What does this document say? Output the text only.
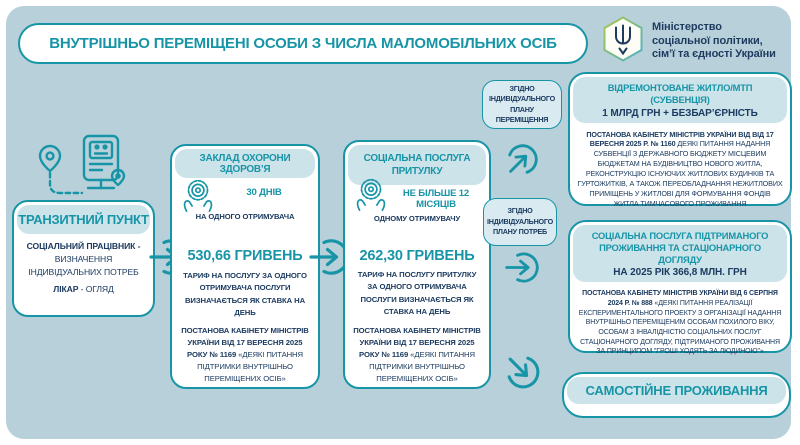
ВНУТРІШНЬО ПЕРЕМІЩЕНІ ОСОБИ З ЧИСЛА МАЛОМОБІЛЬНИХ ОСІБ
Міністерство
соціальної політики,
сім’ї та єдності України
ТРАНЗИТНИЙ ПУНКТ
СОЦІАЛЬНИЙ ПРАЦІВНИК - ВИЗНАЧЕННЯ ІНДИВІДУАЛЬНИХ ПОТРЕБ
ЛІКАР - ОГЛЯД
ЗАКЛАД ОХОРОНИ ЗДОРОВ’Я
30 ДНІВ
НА ОДНОГО ОТРИМУВАЧА
530,66 ГРИВЕНЬ
ТАРИФ НА ПОСЛУГУ ЗА ОДНОГО ОТРИМУВАЧА ПОСЛУГИ ВИЗНАЧАЄТЬСЯ ЯК СТАВКА НА ДЕНЬ
ПОСТАНОВА КАБІНЕТУ МІНІСТРІВ УКРАЇНИ ВІД 17 ВЕРЕСНЯ 2025 РОКУ № 1169 «ДЕЯКІ ПИТАННЯ ПІДТРИМКИ ВНУТРІШНЬО ПЕРЕМІЩЕНИХ ОСІБ»
СОЦІАЛЬНА ПОСЛУГА ПРИТУЛКУ
НЕ БІЛЬШЕ 12 МІСЯЦІВ
ОДНОМУ ОТРИМУВАЧУ
262,30 ГРИВЕНЬ
ТАРИФ НА ПОСЛУГУ ПРИТУЛКУ ЗА ОДНОГО ОТРИМУВАЧА ПОСЛУГИ ВИЗНАЧАЄТЬСЯ ЯК СТАВКА НА ДЕНЬ
ПОСТАНОВА КАБІНЕТУ МІНІСТРІВ УКРАЇНИ ВІД 17 ВЕРЕСНЯ 2025 РОКУ № 1169 «ДЕЯКІ ПИТАННЯ ПІДТРИМКИ ВНУТРІШНЬО ПЕРЕМІЩЕНИХ ОСІБ»
ЗГІДНО ІНДИВІДУАЛЬНОГО ПЛАНУ ПЕРЕМІЩЕННЯ
ЗГІДНО ІНДИВІДУАЛЬНОГО ПЛАНУ ПОТРЕБ
ВІДРЕМОНТОВАНЕ ЖИТЛО/МТП (СУБВЕНЦІЯ)
1 МЛРД ГРН + БЕЗБАР’ЄРНІСТЬ
ПОСТАНОВА КАБІНЕТУ МІНІСТРІВ УКРАЇНИ ВІД ВІД 17 ВЕРЕСНЯ 2025 Р. № 1160 ДЕЯКІ ПИТАННЯ НАДАННЯ СУБВЕНЦІЇ З ДЕРЖАВНОГО БЮДЖЕТУ МІСЦЕВИМ БЮДЖЕТАМ НА БУДІВНИЦТВО НОВОГО ЖИТЛА, РЕКОНСТРУКЦІЮ ІСНУЮЧИХ ЖИТЛОВИХ БУДИНКІВ ТА ГУРТОЖИТКІВ, А ТАКОЖ ПЕРЕОБЛАДНАННЯ НЕЖИТЛОВИХ ПРИМІЩЕНЬ У ЖИТЛОВІ ДЛЯ ФОРМУВАННЯ ФОНДІВ ЖИТЛА ТИМЧАСОВОГО ПРОЖИВАННЯ
СОЦІАЛЬНА ПОСЛУГА ПІДТРИМАНОГО ПРОЖИВАННЯ ТА СТАЦІОНАРНОГО ДОГЛЯДУ
НА 2025 РІК 366,8 МЛН. ГРН
ПОСТАНОВА КАБІНЕТУ МІНІСТРІВ УКРАЇНИ ВІД 6 СЕРПНЯ 2024 Р. № 888 «ДЕЯКІ ПИТАННЯ РЕАЛІЗАЦІЇ ЕКСПЕРИМЕНТАЛЬНОГО ПРОЕКТУ З ОРГАНІЗАЦІЇ НАДАННЯ ВНУТРІШНЬО ПЕРЕМІЩЕНИМ ОСОБАМ ПОХИЛОГО ВІКУ, ОСОБАМ З ІНВАЛІДНІСТЮ СОЦІАЛЬНИХ ПОСЛУГ СТАЦІОНАРНОГО ДОГЛЯДУ, ПІДТРИМАНОГО ПРОЖИВАННЯ ЗА ПРИНЦИПОМ "ГРОШІ ХОДЯТЬ ЗА ЛЮДИНОЮ"»
САМОСТІЙНЕ ПРОЖИВАННЯ
